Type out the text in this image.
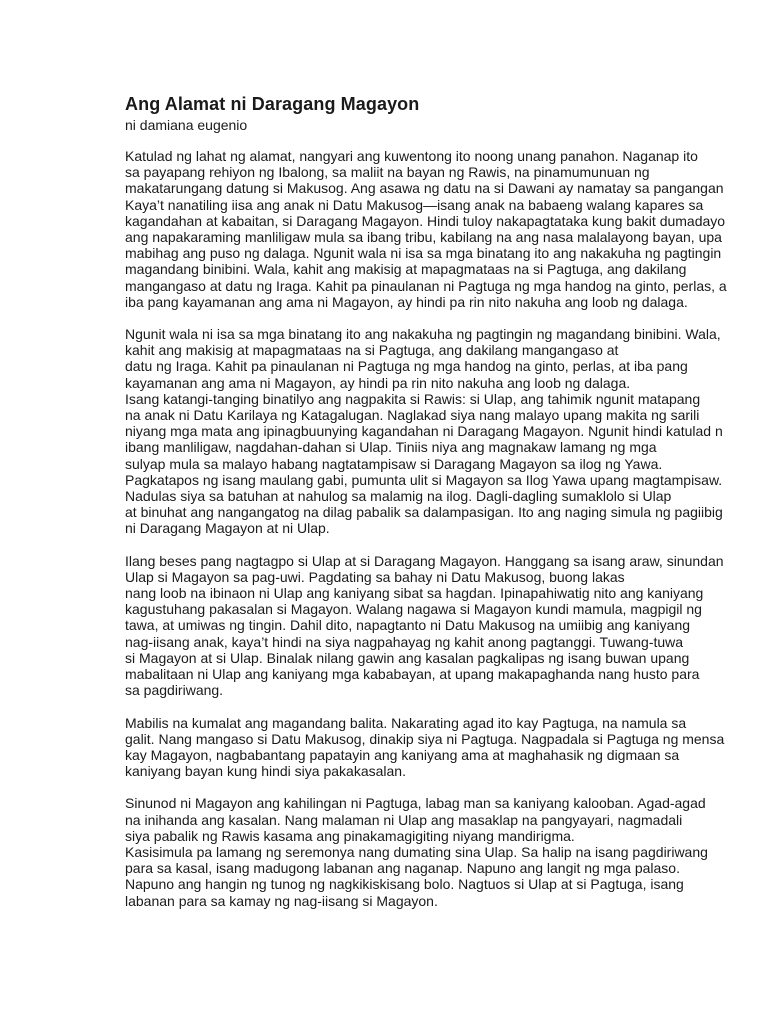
Ang Alamat ni Daragang Magayon

ni damiana eugenio

Katulad ng lahat ng alamat, nangyari ang kuwentong ito noong unang panahon. Naganap ito
sa payapang rehiyon ng Ibalong, sa maliit na bayan ng Rawis, na pinamumunuan ng
makatarungang datung si Makusog. Ang asawa ng datu na si Dawani ay namatay sa pangangan
Kaya’t nanatiling iisa ang anak ni Datu Makusog—isang anak na babaeng walang kapares sa
kagandahan at kabaitan, si Daragang Magayon. Hindi tuloy nakapagtataka kung bakit dumadayo
ang napakaraming manliligaw mula sa ibang tribu, kabilang na ang nasa malalayong bayan, upa
mabihag ang puso ng dalaga. Ngunit wala ni isa sa mga binatang ito ang nakakuha ng pagtingin
magandang binibini. Wala, kahit ang makisig at mapagmataas na si Pagtuga, ang dakilang
mangangaso at datu ng Iraga. Kahit pa pinaulanan ni Pagtuga ng mga handog na ginto, perlas, a
iba pang kayamanan ang ama ni Magayon, ay hindi pa rin nito nakuha ang loob ng dalaga.
Ngunit wala ni isa sa mga binatang ito ang nakakuha ng pagtingin ng magandang binibini. Wala,
kahit ang makisig at mapagmataas na si Pagtuga, ang dakilang mangangaso at
datu ng Iraga. Kahit pa pinaulanan ni Pagtuga ng mga handog na ginto, perlas, at iba pang
kayamanan ang ama ni Magayon, ay hindi pa rin nito nakuha ang loob ng dalaga.
Isang katangi-tanging binatilyo ang nagpakita si Rawis: si Ulap, ang tahimik ngunit matapang
na anak ni Datu Karilaya ng Katagalugan. Naglakad siya nang malayo upang makita ng sarili
niyang mga mata ang ipinagbuunying kagandahan ni Daragang Magayon. Ngunit hindi katulad n
ibang manliligaw, nagdahan-dahan si Ulap. Tiniis niya ang magnakaw lamang ng mga
sulyap mula sa malayo habang nagtatampisaw si Daragang Magayon sa ilog ng Yawa.
Pagkatapos ng isang maulang gabi, pumunta ulit si Magayon sa Ilog Yawa upang magtampisaw.
Nadulas siya sa batuhan at nahulog sa malamig na ilog. Dagli-dagling sumaklolo si Ulap
at binuhat ang nangangatog na dilag pabalik sa dalampasigan. Ito ang naging simula ng pagiibig
ni Daragang Magayon at ni Ulap.
Ilang beses pang nagtagpo si Ulap at si Daragang Magayon. Hanggang sa isang araw, sinundan
Ulap si Magayon sa pag-uwi. Pagdating sa bahay ni Datu Makusog, buong lakas
nang loob na ibinaon ni Ulap ang kaniyang sibat sa hagdan. Ipinapahiwatig nito ang kaniyang
kagustuhang pakasalan si Magayon. Walang nagawa si Magayon kundi mamula, magpigil ng
tawa, at umiwas ng tingin. Dahil dito, napagtanto ni Datu Makusog na umiibig ang kaniyang
nag-iisang anak, kaya’t hindi na siya nagpahayag ng kahit anong pagtanggi. Tuwang-tuwa
si Magayon at si Ulap. Binalak nilang gawin ang kasalan pagkalipas ng isang buwan upang
mabalitaan ni Ulap ang kaniyang mga kababayan, at upang makapaghanda nang husto para
sa pagdiriwang.
Mabilis na kumalat ang magandang balita. Nakarating agad ito kay Pagtuga, na namula sa
galit. Nang mangaso si Datu Makusog, dinakip siya ni Pagtuga. Nagpadala si Pagtuga ng mensa
kay Magayon, nagbabantang papatayin ang kaniyang ama at maghahasik ng digmaan sa
kaniyang bayan kung hindi siya pakakasalan.
Sinunod ni Magayon ang kahilingan ni Pagtuga, labag man sa kaniyang kalooban. Agad-agad
na inihanda ang kasalan. Nang malaman ni Ulap ang masaklap na pangyayari, nagmadali
siya pabalik ng Rawis kasama ang pinakamagigiting niyang mandirigma.
Kasisimula pa lamang ng seremonya nang dumating sina Ulap. Sa halip na isang pagdiriwang
para sa kasal, isang madugong labanan ang naganap. Napuno ang langit ng mga palaso.
Napuno ang hangin ng tunog ng nagkikiskisang bolo. Nagtuos si Ulap at si Pagtuga, isang
labanan para sa kamay ng nag-iisang si Magayon.
